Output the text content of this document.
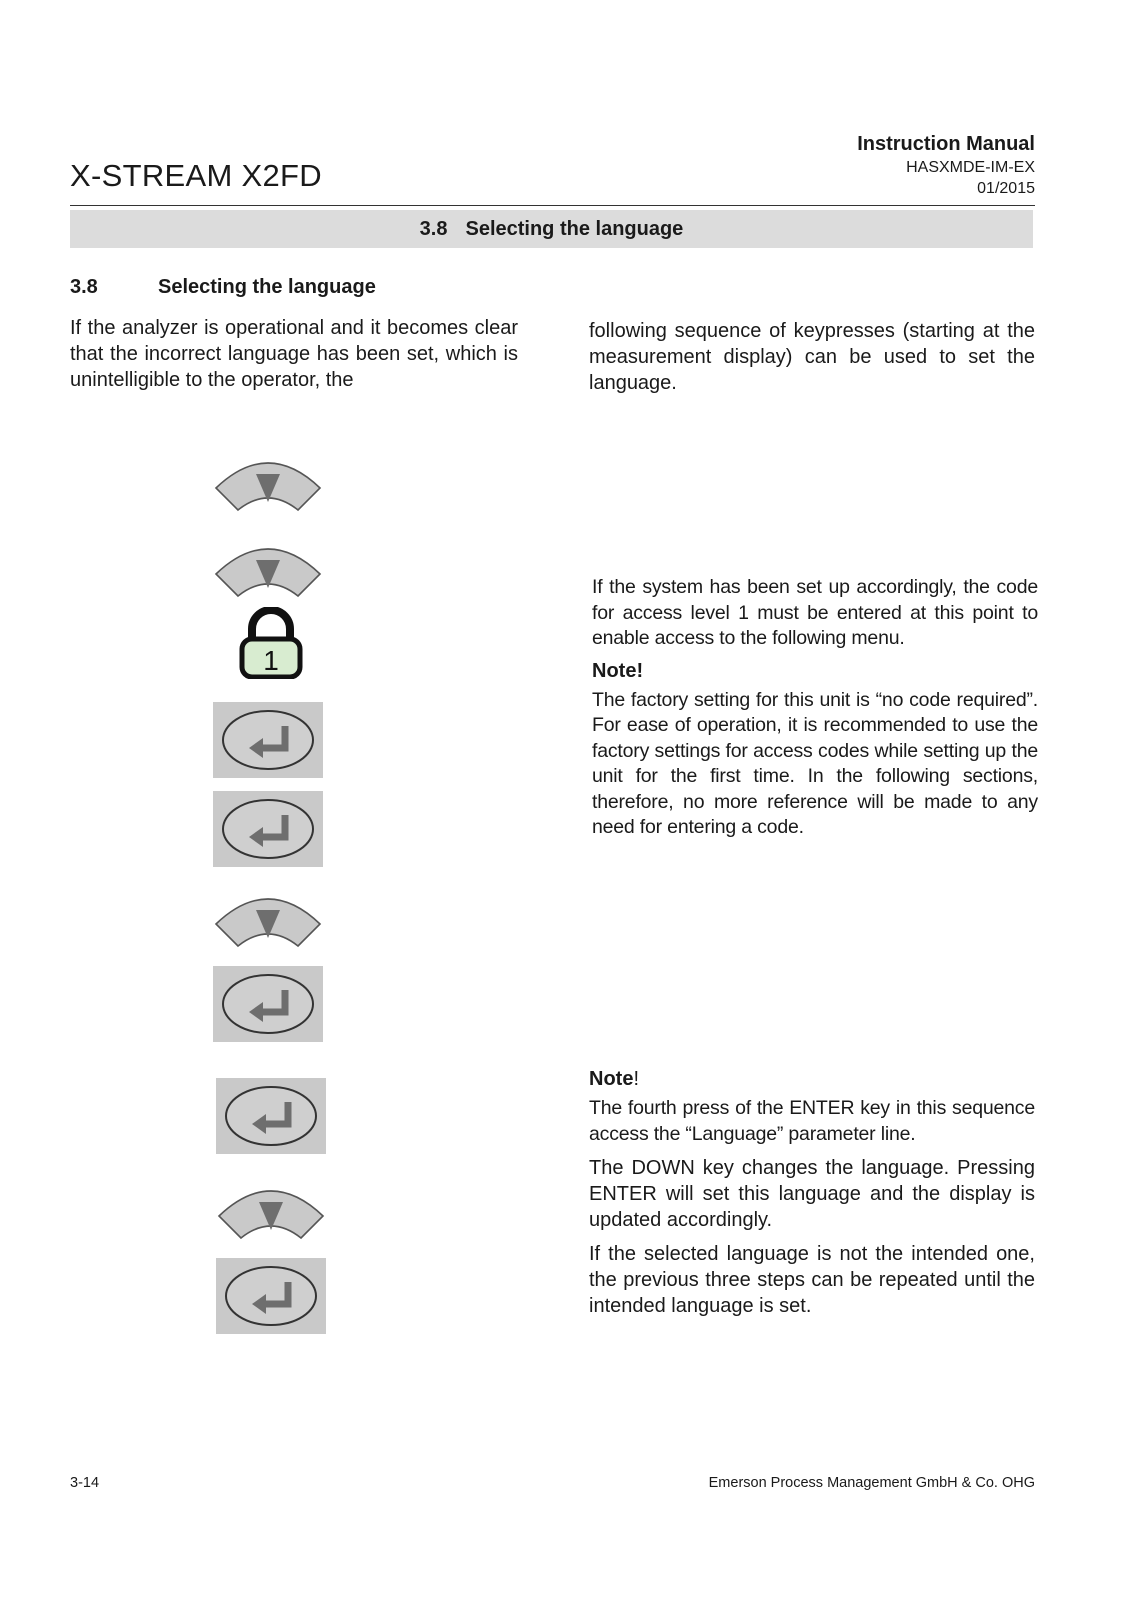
X-STREAM X2FD
Instruction Manual
HASXMDE-IM-EX
01/2015
3.8 Selecting the language
3.8	Selecting the language
If the analyzer is operational and it becomes clear that the incorrect language has been set, which is unintelligible to the operator, the
following sequence of keypresses (starting at the measurement display) can be used to set the language.

If the system has been set up accordingly, the code for access level 1 must be entered at this point to enable access to the following menu.

Note!

The factory setting for this unit is “no code required”. For ease of operation, it is recommended to use the factory settings for access codes while setting up the unit for the first time. In the following sections, therefore, no more reference will be made to any need for entering a code.

Note!

The fourth press of the ENTER key in this sequence access the “Language” parameter line.

The DOWN key changes the language. Pressing ENTER will set this language and the display is updated accordingly.

If the selected language is not the intended one, the previous three steps can be repeated until the intended language is set.

1
3-14	Emerson Process Management GmbH & Co. OHG
